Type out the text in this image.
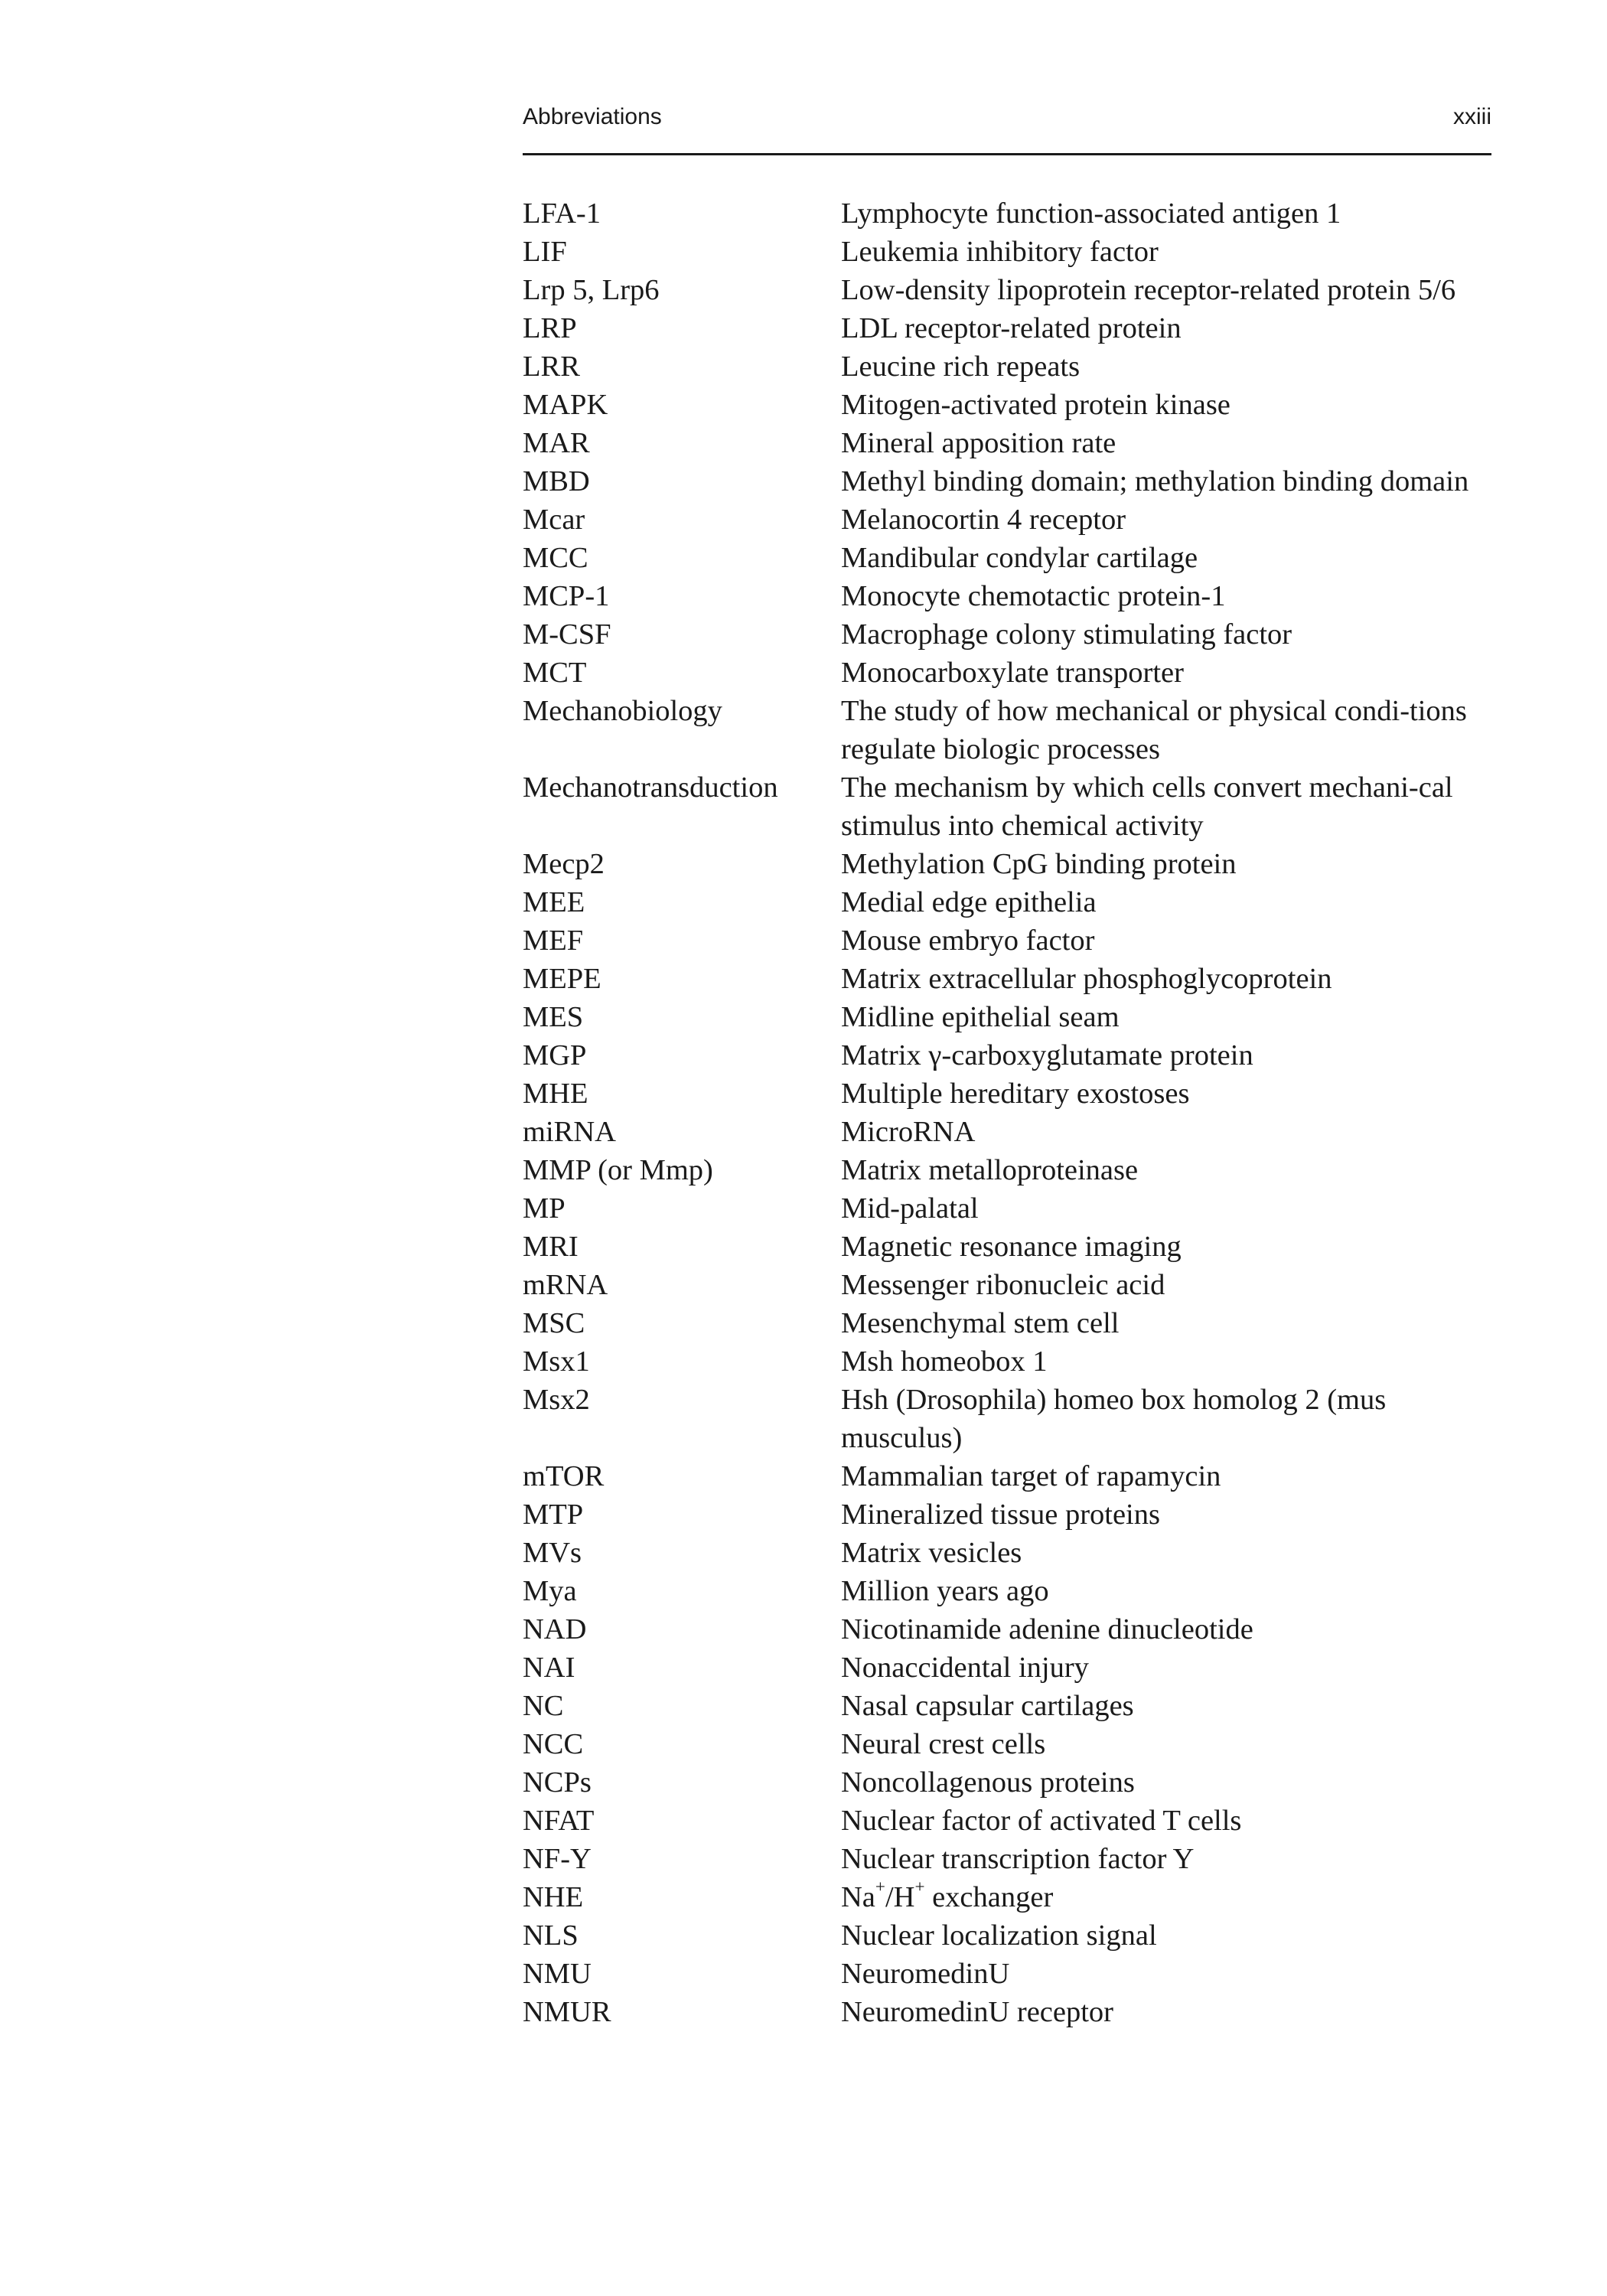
Abbreviations	xxiii
LFA-1	Lymphocyte function-associated antigen 1
LIF	Leukemia inhibitory factor
Lrp 5, Lrp6	Low-density lipoprotein receptor-related protein 5/6
LRP	LDL receptor-related protein
LRR	Leucine rich repeats
MAPK	Mitogen-activated protein kinase
MAR	Mineral apposition rate
MBD	Methyl binding domain; methylation binding domain
Mcar	Melanocortin 4 receptor
MCC	Mandibular condylar cartilage
MCP-1	Monocyte chemotactic protein-1
M-CSF	Macrophage colony stimulating factor
MCT	Monocarboxylate transporter
Mechanobiology	The study of how mechanical or physical condi-tions regulate biologic processes
Mechanotransduction	The mechanism by which cells convert mechani-cal stimulus into chemical activity
Mecp2	Methylation CpG binding protein
MEE	Medial edge epithelia
MEF	Mouse embryo factor
MEPE	Matrix extracellular phosphoglycoprotein
MES	Midline epithelial seam
MGP	Matrix γ-carboxyglutamate protein
MHE	Multiple hereditary exostoses
miRNA	MicroRNA
MMP (or Mmp)	Matrix metalloproteinase
MP	Mid-palatal
MRI	Magnetic resonance imaging
mRNA	Messenger ribonucleic acid
MSC	Mesenchymal stem cell
Msx1	Msh homeobox 1
Msx2	Hsh (Drosophila) homeo box homolog 2 (mus musculus)
mTOR	Mammalian target of rapamycin
MTP	Mineralized tissue proteins
MVs	Matrix vesicles
Mya	Million years ago
NAD	Nicotinamide adenine dinucleotide
NAI	Nonaccidental injury
NC	Nasal capsular cartilages
NCC	Neural crest cells
NCPs	Noncollagenous proteins
NFAT	Nuclear factor of activated T cells
NF-Y	Nuclear transcription factor Y
NHE	Na+/H+ exchanger
NLS	Nuclear localization signal
NMU	NeuromedinU
NMUR	NeuromedinU receptor
